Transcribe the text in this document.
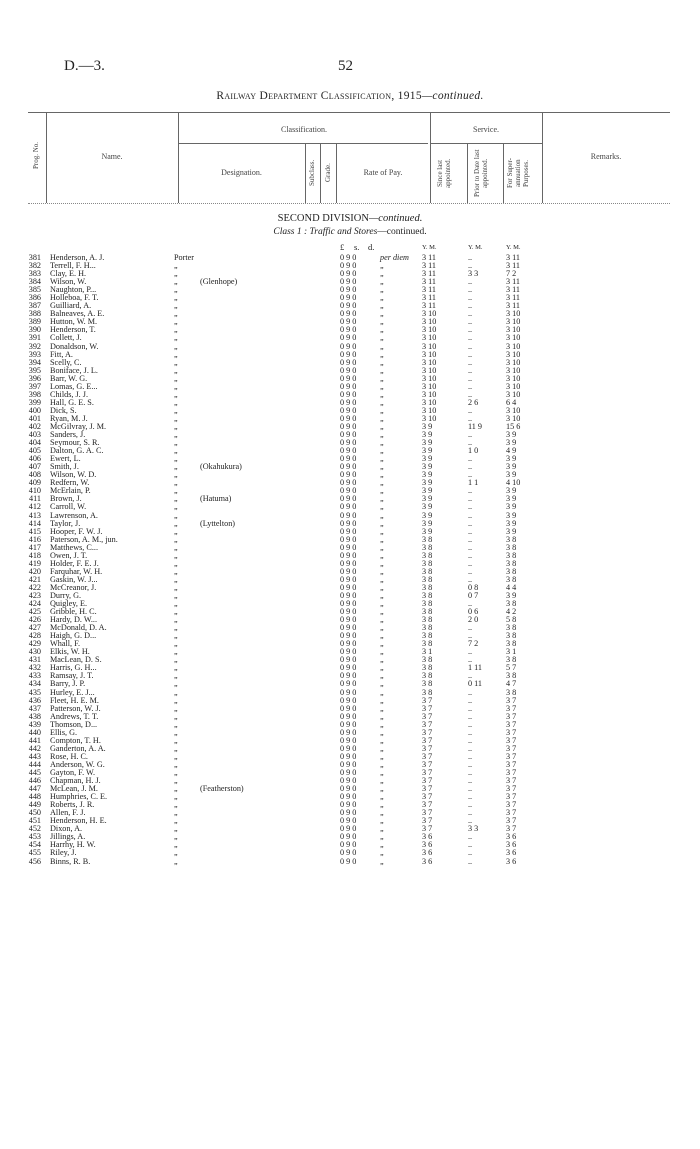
D.—3.	52
Railway Department Classification, 1915—continued.
Prog. No.	Name.
Classification.
Designation.	Subclass. Grade.	Rate of Pay.
Service.
Since last appointed.	Prior to Date last appointed.	For Super-annuation Purposes.
Remarks.
SECOND DIVISION—continued.
Class 1 : Traffic and Stores—continued.
£ s. d.	Y. M.	Y. M.	Y. M.
381 Henderson, A. J.	Porter	0 9 0	per diem 3 11	..	3 11
382 Terrell, F. H...	„	0 9 0	„	3 11	..	3 11
383 Clay, E. H.	„	0 9 0	„	3 11	3 3	7 2
384 Wilson, W.	„	(Glenhope)	0 9 0	„	3 11	..	3 11
385 Naughton, P...	„	0 9 0	„	3 11	..	3 11
386 Holleboa, F. T.	„	0 9 0	„	3 11	..	3 11
387 Guilliard, A.	„	0 9 0	„	3 11	..	3 11
388 Balneaves, A. E.	„	0 9 0	„	3 10	..	3 10
389 Hutton, W. M.	„	0 9 0	„	3 10	..	3 10
390 Henderson, T.	„	0 9 0	„	3 10	..	3 10
391 Collett, J.	„	0 9 0	„	3 10	..	3 10
392 Donaldson, W.	„	0 9 0	„	3 10	..	3 10
393 Fitt, A.	„	0 9 0	„	3 10	..	3 10
394 Scelly, C.	„	0 9 0	„	3 10	..	3 10
395 Boniface, J. L.	„	0 9 0	„	3 10	..	3 10
396 Barr, W. G.	„	0 9 0	„	3 10	..	3 10
397 Lomas, G. E...	„	0 9 0	„	3 10	..	3 10
398 Childs, J. J.	„	0 9 0	„	3 10	..	3 10
399 Hall, G. E. S.	„	0 9 0	„	3 10	2 6	6 4
400 Dick, S.	„	0 9 0	„	3 10	..	3 10
401 Ryan, M. J.	„	0 9 0	„	3 10	..	3 10
402 McGilvray, J. M.	„	0 9 0	„	3 9	11 9	15 6
403 Sanders, J.	„	0 9 0	„	3 9	..	3 9
404 Seymour, S. R.	„	0 9 0	„	3 9	..	3 9
405 Dalton, G. A. C.	„	0 9 0	„	3 9	1 0	4 9
406 Ewert, L.	„	0 9 0	„	3 9	..	3 9
407 Smith, J.	„	(Okahukura)	0 9 0	„	3 9	..	3 9
408 Wilson, W. D.	„	0 9 0	„	3 9	..	3 9
409 Redfern, W.	„	0 9 0	„	3 9	1 1	4 10
410 McErlain, P.	„	0 9 0	„	3 9	..	3 9
411 Brown, J.	„	(Hatuma)	0 9 0	„	3 9	..	3 9
412 Carroll, W.	„	0 9 0	„	3 9	..	3 9
413 Lawrenson, A.	„	0 9 0	„	3 9	..	3 9
414 Taylor, J.	„	(Lyttelton)	0 9 0	„	3 9	..	3 9
415 Hooper, F. W. J.	„	0 9 0	„	3 9	..	3 9
416 Paterson, A. M., jun.	„	0 9 0	„	3 8	..	3 8
417 Matthews, C...	„	0 9 0	„	3 8	..	3 8
418 Owen, J. T.	„	0 9 0	„	3 8	..	3 8
419 Holder, F. E. J.	„	0 9 0	„	3 8	..	3 8
420 Farquhar, W. H.	„	0 9 0	„	3 8	..	3 8
421 Gaskin, W. J...	„	0 9 0	„	3 8	..	3 8
422 McCreanor, J.	„	0 9 0	„	3 8	0 8	4 4
423 Durry, G.	„	0 9 0	„	3 8	0 7	3 9
424 Quigley, E.	„	0 9 0	„	3 8	..	3 8
425 Gribble, H. C.	„	0 9 0	„	3 8	0 6	4 2
426 Hardy, D. W...	„	0 9 0	„	3 8	2 0	5 8
427 McDonald, D. A.	„	0 9 0	„	3 8	..	3 8
428 Haigh, G. D...	„	0 9 0	„	3 8	..	3 8
429 Whall, F.	„	0 9 0	„	3 8	7 2	3 8
430 Elkis, W. H.	„	0 9 0	„	3 1	..	3 1
431 MacLean, D. S.	„	0 9 0	„	3 8	..	3 8
432 Harris, G. H...	„	0 9 0	„	3 8	1 11	5 7
433 Ramsay, J. T.	„	0 9 0	„	3 8	..	3 8
434 Barry, J. P.	„	0 9 0	„	3 8	0 11	4 7
435 Hurley, E. J...	„	0 9 0	„	3 8	..	3 8
436 Fleet, H. E. M.	„	0 9 0	„	3 7	..	3 7
437 Patterson, W. J.	„	0 9 0	„	3 7	..	3 7
438 Andrews, T. T.	„	0 9 0	„	3 7	..	3 7
439 Thomson, D...	„	0 9 0	„	3 7	..	3 7
440 Ellis, G.	„	0 9 0	„	3 7	..	3 7
441 Compton, T. H.	„	0 9 0	„	3 7	..	3 7
442 Ganderton, A. A.	„	0 9 0	„	3 7	..	3 7
443 Rose, H. C.	„	0 9 0	„	3 7	..	3 7
444 Anderson, W. G.	„	0 9 0	„	3 7	..	3 7
445 Gayton, F. W.	„	0 9 0	„	3 7	..	3 7
446 Chapman, H. J.	„	0 9 0	„	3 7	..	3 7
447 McLean, J. M.	„	(Featherston)	0 9 0	„	3 7	..	3 7
448 Humphries, C. E.	„	0 9 0	„	3 7	..	3 7
449 Roberts, J. R.	„	0 9 0	„	3 7	..	3 7
450 Allen, F. J.	„	0 9 0	„	3 7	..	3 7
451 Henderson, H. E.	„	0 9 0	„	3 7	..	3 7
452 Dixon, A.	„	0 9 0	„	3 7	3 3	3 7
453 Jillings, A.	„	0 9 0	„	3 6	..	3 6
454 Harrhy, H. W.	„	0 9 0	„	3 6	..	3 6
455 Riley, J.	„	0 9 0	„	3 6	..	3 6
456 Binns, R. B.	„	0 9 0	„	3 6	..	3 6
